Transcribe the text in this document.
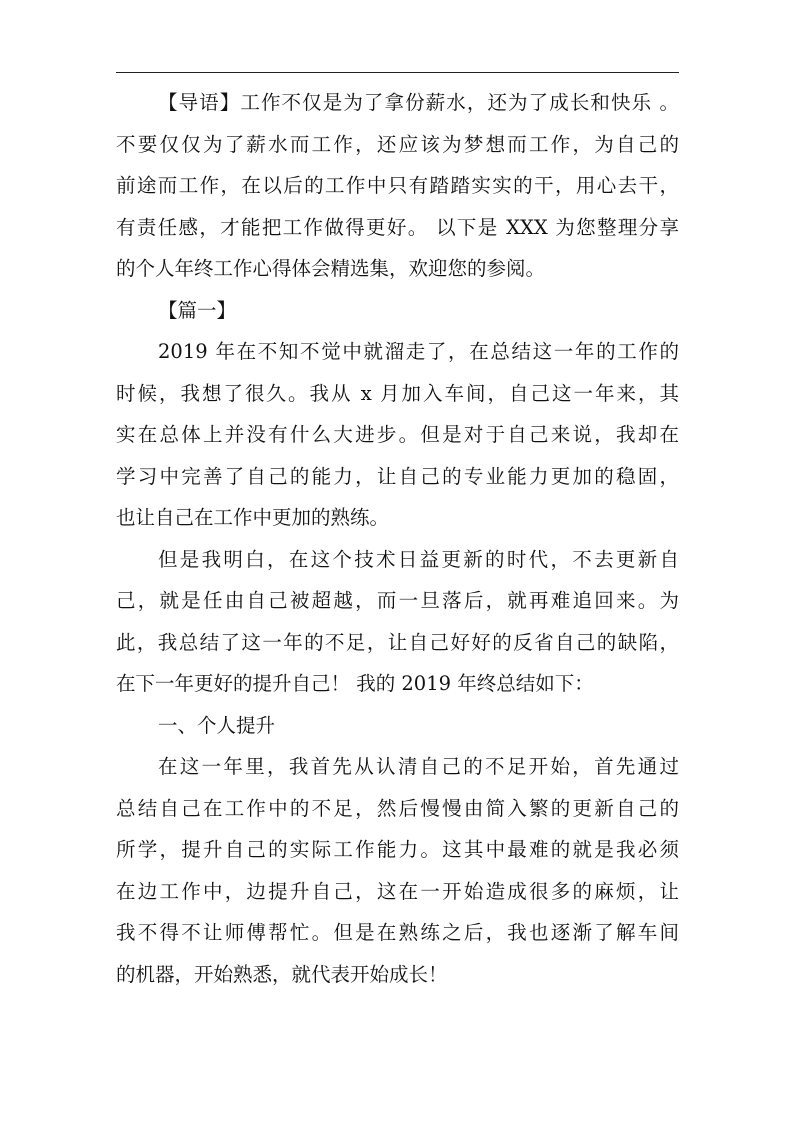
【导语】工作不仅是为了拿份薪水，还为了成长和快乐 。
不要仅仅为了薪水而工作，还应该为梦想而工作，为自己的
前途而工作，在以后的工作中只有踏踏实实的干，用心去干，
有责任感，才能把工作做得更好。 以下是 XXX 为您整理分享
的个人年终工作心得体会精选集，欢迎您的参阅。
【篇一】
2019 年在不知不觉中就溜走了，在总结这一年的工作的
时候，我想了很久。我从 x 月加入车间，自己这一年来，其
实在总体上并没有什么大进步。但是对于自己来说，我却在
学习中完善了自己的能力，让自己的专业能力更加的稳固，
也让自己在工作中更加的熟练。
但是我明白，在这个技术日益更新的时代，不去更新自
己，就是任由自己被超越，而一旦落后，就再难追回来。为
此，我总结了这一年的不足，让自己好好的反省自己的缺陷，
在下一年更好的提升自己！ 我的 2019 年终总结如下：
一、个人提升
在这一年里，我首先从认清自己的不足开始，首先通过
总结自己在工作中的不足，然后慢慢由简入繁的更新自己的
所学，提升自己的实际工作能力。这其中最难的就是我必须
在边工作中，边提升自己，这在一开始造成很多的麻烦，让
我不得不让师傅帮忙。但是在熟练之后，我也逐渐了解车间
的机器，开始熟悉，就代表开始成长！
